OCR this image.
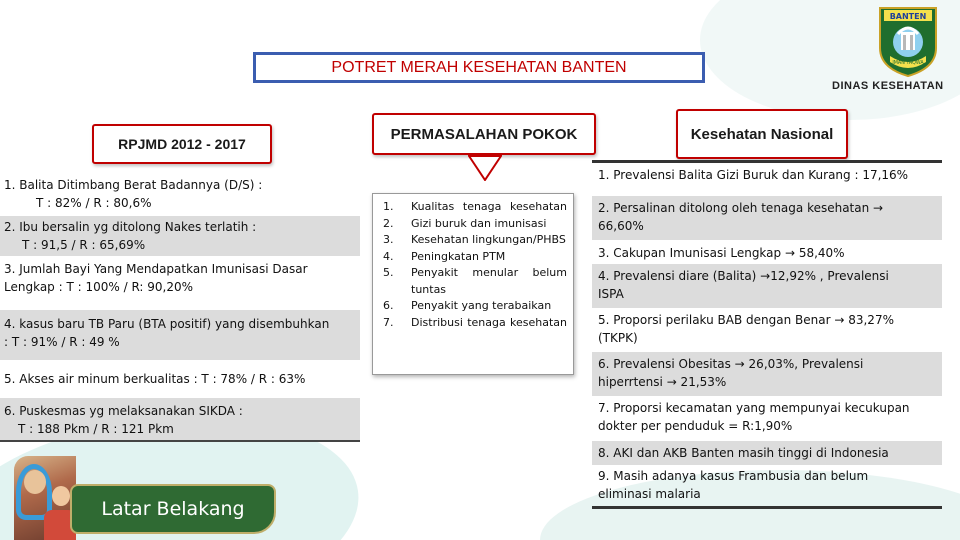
POTRET MERAH KESEHATAN BANTEN
BANTEN
IMAN TAQWA
DINAS KESEHATAN
RPJMD 2012 - 2017
1. Balita Ditimbang Berat Badannya (D/S) :
T : 82% / R : 80,6%
2. Ibu bersalin yg ditolong Nakes terlatih :
T : 91,5 / R : 65,69%
3. Jumlah Bayi Yang Mendapatkan Imunisasi Dasar
Lengkap : T : 100% / R: 90,20%
4. kasus baru TB Paru (BTA positif) yang disembuhkan
: T : 91% / R : 49 %
5. Akses air minum berkualitas : T : 78% / R : 63%
6. Puskesmas yg melaksanakan SIKDA :
T : 188 Pkm / R : 121 Pkm
PERMASALAHAN POKOK
1.	Kualitas tenaga kesehatan
2.	Gizi buruk dan imunisasi
3.	Kesehatan lingkungan/PHBS
4.	Peningkatan PTM
5.	Penyakit menular belum tuntas
6.	Penyakit yang terabaikan
7.	Distribusi tenaga kesehatan
Kesehatan Nasional
1. Prevalensi Balita Gizi Buruk dan Kurang : 17,16%
2. Persalinan ditolong oleh tenaga kesehatan →
66,60%
3. Cakupan Imunisasi Lengkap → 58,40%
4. Prevalensi diare (Balita) →12,92% , Prevalensi
ISPA
5. Proporsi perilaku BAB dengan Benar → 83,27%
(TKPK)
6. Prevalensi Obesitas → 26,03%, Prevalensi
hiperrtensi → 21,53%
7. Proporsi kecamatan yang mempunyai kecukupan
dokter per penduduk = R:1,90%
8. AKI dan AKB Banten masih tinggi di Indonesia
9. Masih adanya kasus Frambusia dan belum
eliminasi malaria
Latar Belakang
